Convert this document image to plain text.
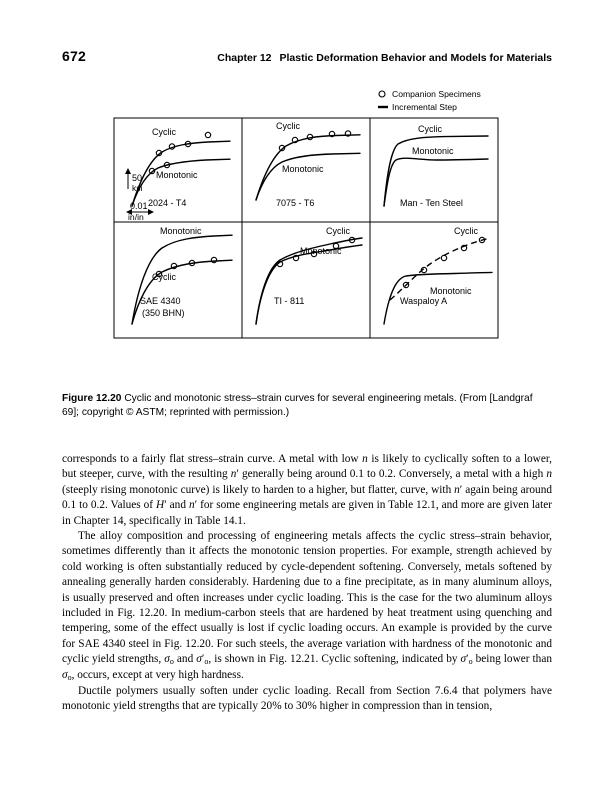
672	Chapter 12 Plastic Deformation Behavior and Models for Materials
Companion Specimens
Incremental Step
Cyclic
Monotonic
2024 - T4
50
ksi
0.01
in/in
Cyclic
Monotonic
7075 - T6
Cyclic
Monotonic
Man - Ten Steel
Monotonic
Cyclic
SAE 4340
(350 BHN)
Cyclic
Monotonic
TI - 811
Cyclic
Monotonic
Waspaloy A
Figure 12.20 Cyclic and monotonic stress–strain curves for several engineering metals. (From [Landgraf 69]; copyright © ASTM; reprinted with permission.)

corresponds to a fairly flat stress–strain curve. A metal with low n is likely to cyclically soften to a lower, but steeper, curve, with the resulting n′ generally being around 0.1 to 0.2. Conversely, a metal with a high n (steeply rising monotonic curve) is likely to harden to a higher, but flatter, curve, with n′ again being around 0.1 to 0.2. Values of H′ and n′ for some engineering metals are given in Table 12.1, and more are given later in Chapter 14, specifically in Table 14.1.

The alloy composition and processing of engineering metals affects the cyclic stress–strain behavior, sometimes differently than it affects the monotonic tension properties. For example, strength achieved by cold working is often substantially reduced by cycle-dependent softening. Conversely, metals softened by annealing generally harden considerably. Hardening due to a fine precipitate, as in many aluminum alloys, is usually preserved and often increases under cyclic loading. This is the case for the two aluminum alloys included in Fig. 12.20. In medium-carbon steels that are hardened by heat treatment using quenching and tempering, some of the effect usually is lost if cyclic loading occurs. An example is provided by the curve for SAE 4340 steel in Fig. 12.20. For such steels, the average variation with hardness of the monotonic and cyclic yield strengths, $\sigma_o$ and $\sigma'_o$, is shown in Fig. 12.21. Cyclic softening, indicated by $\sigma'_o$ being lower than $\sigma_o$, occurs, except at very high hardness.

Ductile polymers usually soften under cyclic loading. Recall from Section 7.6.4 that polymers have monotonic yield strengths that are typically 20% to 30% higher in compression than in tension,
